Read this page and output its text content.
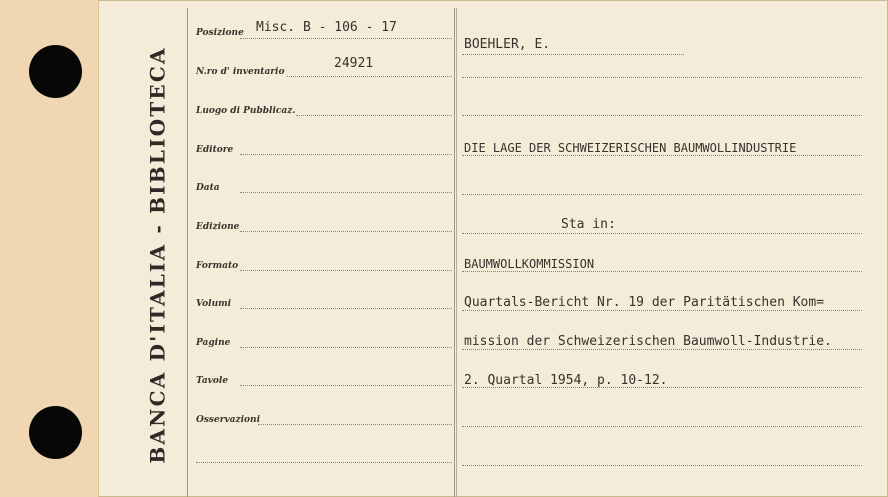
BANCA D'ITALIA - BIBLIOTECA
Posizione Misc. B - 106 - 17
N.ro d' inventario
24921
Luogo di Pubblicaz.
Editore
Data
Edizione
Formato
Volumi
Pagine
Tavole
Osservazioni
BOEHLER, E.
DIE LAGE DER SCHWEIZERISCHEN BAUMWOLLINDUSTRIE
Sta in:
BAUMWOLLKOMMISSION
Quartals-Bericht Nr. 19 der Paritätischen Kom=
mission der Schweizerischen Baumwoll-Industrie.
2. Quartal 1954, p. 10-12.
